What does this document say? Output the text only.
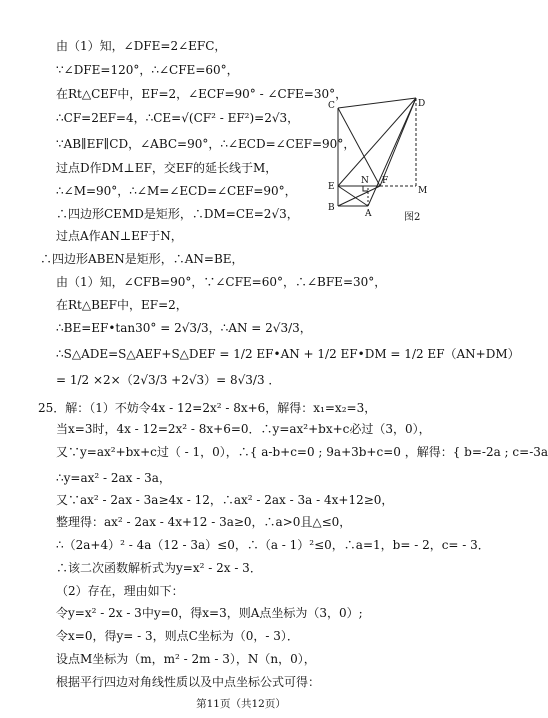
由（1）知，∠DFE=2∠EFC，
∵∠DFE=120°，∴∠CFE=60°，
在Rt△CEF中，EF=2，∠ECF=90° - ∠CFE=30°，
∴CF=2EF=4，∴CE=√(CF² - EF²)=2√3，
∵AB∥EF∥CD，∠ABC=90°，∴∠ECD=∠CEF=90°，
过点D作DM⊥EF，交EF的延长线于M，
∴∠M=90°，∴∠M=∠ECD=∠CEF=90°，
∴四边形CEMD是矩形，∴DM=CE=2√3，
过点A作AN⊥EF于N，
∴四边形ABEN是矩形，∴AN=BE，
由（1）知，∠CFB=90°，∵∠CFE=60°，∴∠BFE=30°，
在Rt△BEF中，EF=2，
∴BE=EF•tan30° = 2√3/3，∴AN = 2√3/3，
∴S△ADE=S△AEF+S△DEF = 1/2 EF•AN + 1/2 EF•DM = 1/2 EF（AN+DM）
= 1/2 ×2×（2√3/3 +2√3）= 8√3/3 ．
25．解：（1）不妨令4x - 12=2x² - 8x+6，解得：x₁=x₂=3，
当x=3时，4x - 12=2x² - 8x+6=0．∴y=ax²+bx+c必过（3，0），
又∵y=ax²+bx+c过（ - 1，0），∴{ a-b+c=0 ; 9a+3b+c=0 ，解得：{ b=-2a ; c=-3a
∴y=ax² - 2ax - 3a，
又∵ax² - 2ax - 3a≥4x - 12，∴ax² - 2ax - 3a - 4x+12≥0，
整理得：ax² - 2ax - 4x+12 - 3a≥0，∴a>0且△≤0，
∴（2a+4）² - 4a（12 - 3a）≤0，∴（a - 1）²≤0，∴a=1，b= - 2，c= - 3．
∴该二次函数解析式为y=x² - 2x - 3．
（2）存在，理由如下：
令y=x² - 2x - 3中y=0，得x=3，则A点坐标为（3，0）;
令x=0，得y= - 3，则点C坐标为（0，- 3）．
设点M坐标为（m，m² - 2m - 3），N（n，0），
根据平行四边对角线性质以及中点坐标公式可得：
C	D
E
N F
M
B
A	图2
第11页（共12页）
